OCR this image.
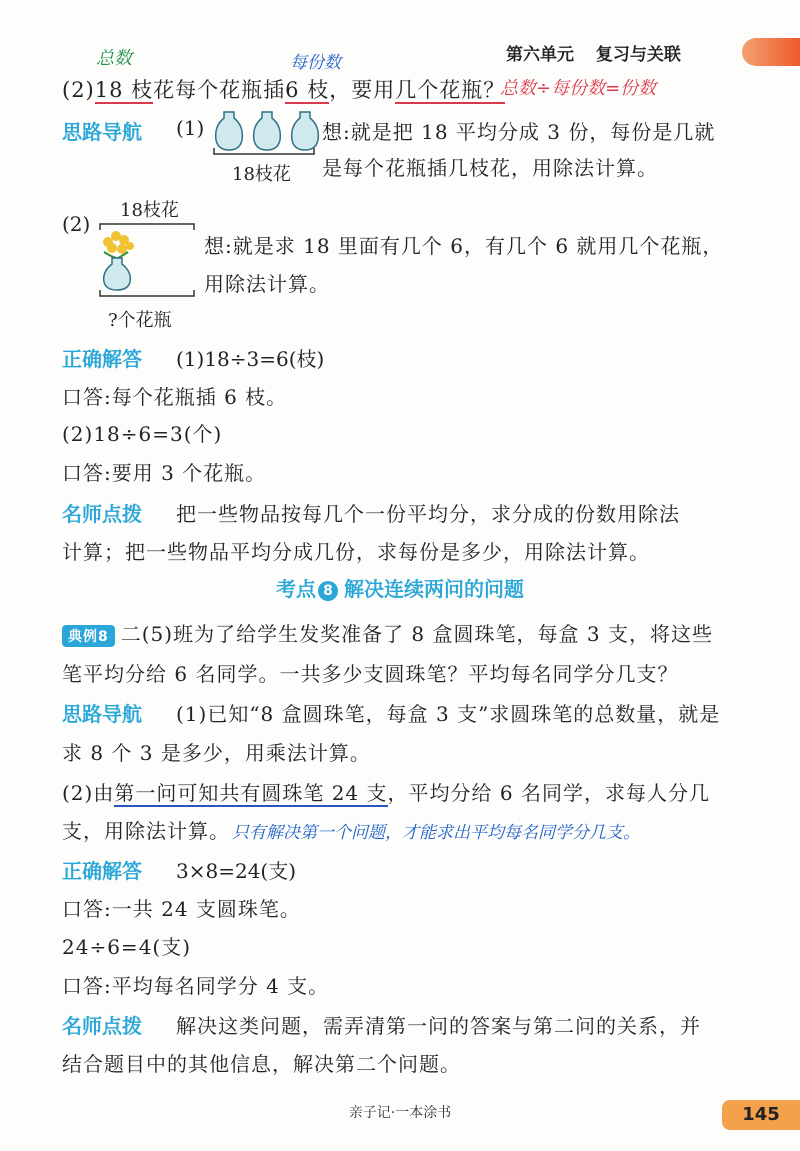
第六单元 复习与关联
总数	每份数
(2)18 枝花每个花瓶插6 枝，要用几个花瓶？
总数÷每份数=份数
思路导航 (1)
18枝花
想:就是把 18 平均分成 3 份，每份是几就
是每个花瓶插几枝花，用除法计算。
(2)
18枝花
?个花瓶
想:就是求 18 里面有几个 6，有几个 6 就用几个花瓶，
用除法计算。
正确解答 (1)18÷3=6(枝)
口答:每个花瓶插 6 枝。
(2)18÷6=3(个)
口答:要用 3 个花瓶。
名师点拨 把一些物品按每几个一份平均分，求分成的份数用除法
计算；把一些物品平均分成几份，求每份是多少，用除法计算。
考点 8 解决连续两问的问题
典例8 二(5)班为了给学生发奖准备了 8 盒圆珠笔，每盒 3 支，将这些
笔平均分给 6 名同学。一共多少支圆珠笔？平均每名同学分几支？
思路导航 (1)已知“8 盒圆珠笔，每盒 3 支”求圆珠笔的总数量，就是
求 8 个 3 是多少，用乘法计算。
(2)由第一问可知共有圆珠笔 24 支，平均分给 6 名同学，求每人分几
支，用除法计算。 只有解决第一个问题，才能求出平均每名同学分几支。
正确解答 3×8=24(支)
口答:一共 24 支圆珠笔。
24÷6=4(支)
口答:平均每名同学分 4 支。
名师点拨 解决这类问题，需弄清第一问的答案与第二问的关系，并
结合题目中的其他信息，解决第二个问题。
亲子记·一本涂书	145
